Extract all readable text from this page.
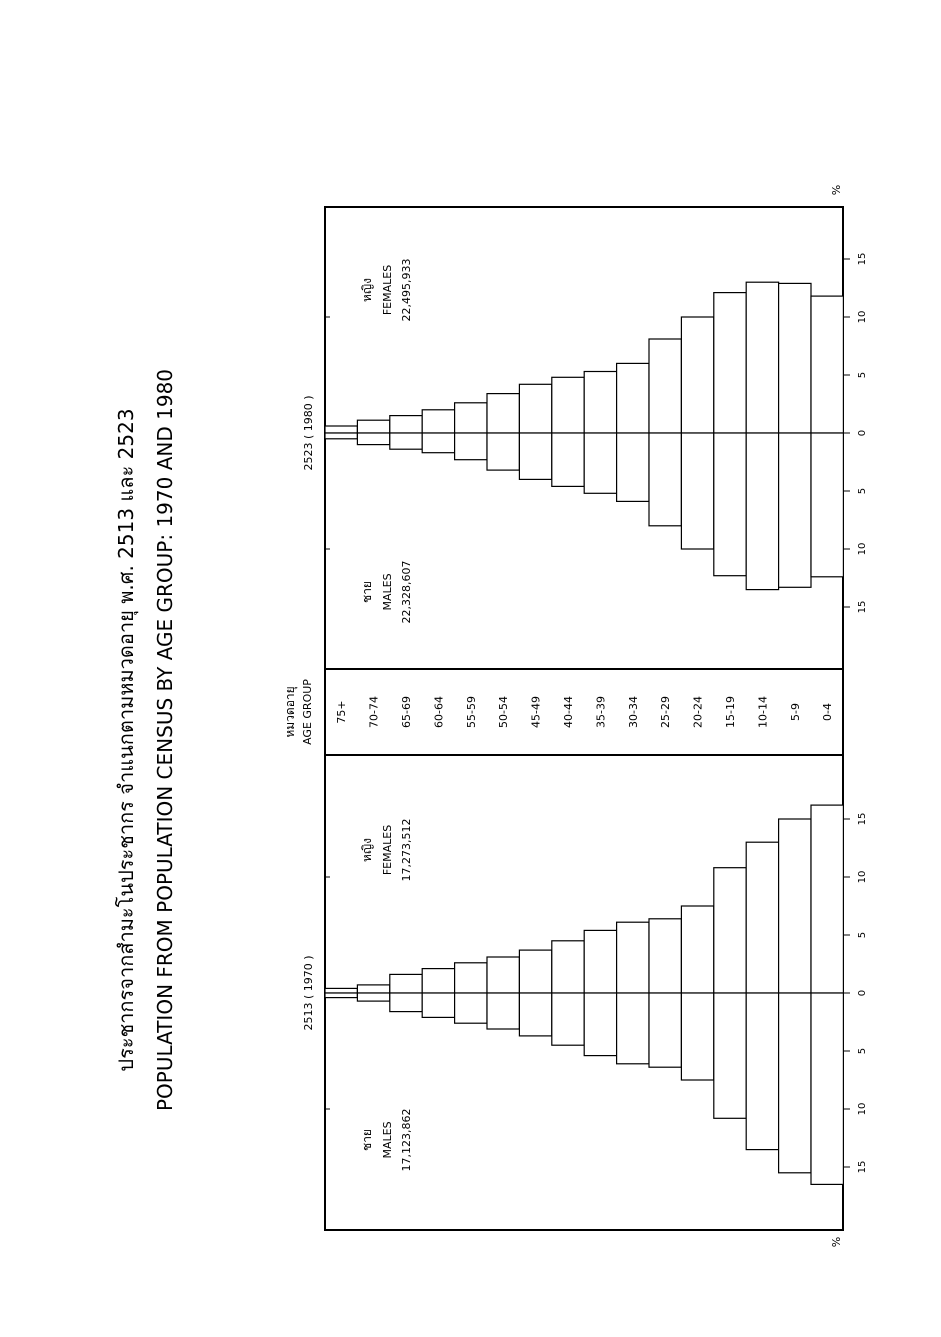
ประชากรจากสำมะโนประชากร จำแนกตามหมวดอายุ พ.ศ. 2513 และ 2523 POPULATION FROM POPULATION CENSUS BY AGE GROUP: 1970 AND 1980
%
%
หมวดอายุ AGE GROUP
2523 ( 1980 )
ชาย MALES 22,328,607
หญิง FEMALES 22,495,933
2513 ( 1970 )
ชาย MALES 17,123,862
หญิง FEMALES 17,273,512
15
10
5
0
5
10
15
15
10
5
0
5
10
15
75+ 70-74 65-69 60-64 55-59 50-54 45-49 40-44 35-39 30-34 25-29 20-24 15-19 10-14 5-9 0-4
